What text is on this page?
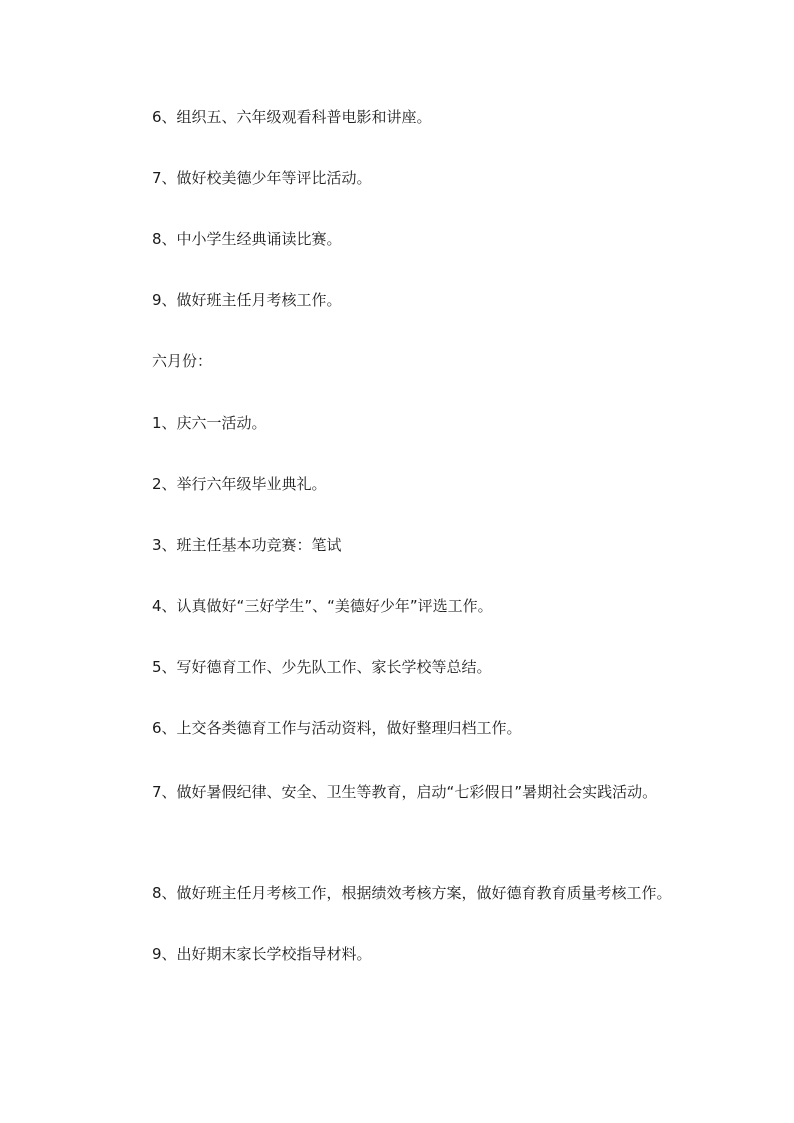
6、组织五、六年级观看科普电影和讲座。

7、做好校美德少年等评比活动。

8、中小学生经典诵读比赛。

9、做好班主任月考核工作。

六月份：

1、庆六一活动。

2、举行六年级毕业典礼。

3、班主任基本功竞赛：笔试

4、认真做好“三好学生”、“美德好少年”评选工作。

5、写好德育工作、少先队工作、家长学校等总结。

6、上交各类德育工作与活动资料，做好整理归档工作。

7、做好暑假纪律、安全、卫生等教育，启动“七彩假日”暑期社会实践活动。

8、做好班主任月考核工作，根据绩效考核方案，做好德育教育质量考核工作。

9、出好期末家长学校指导材料。
